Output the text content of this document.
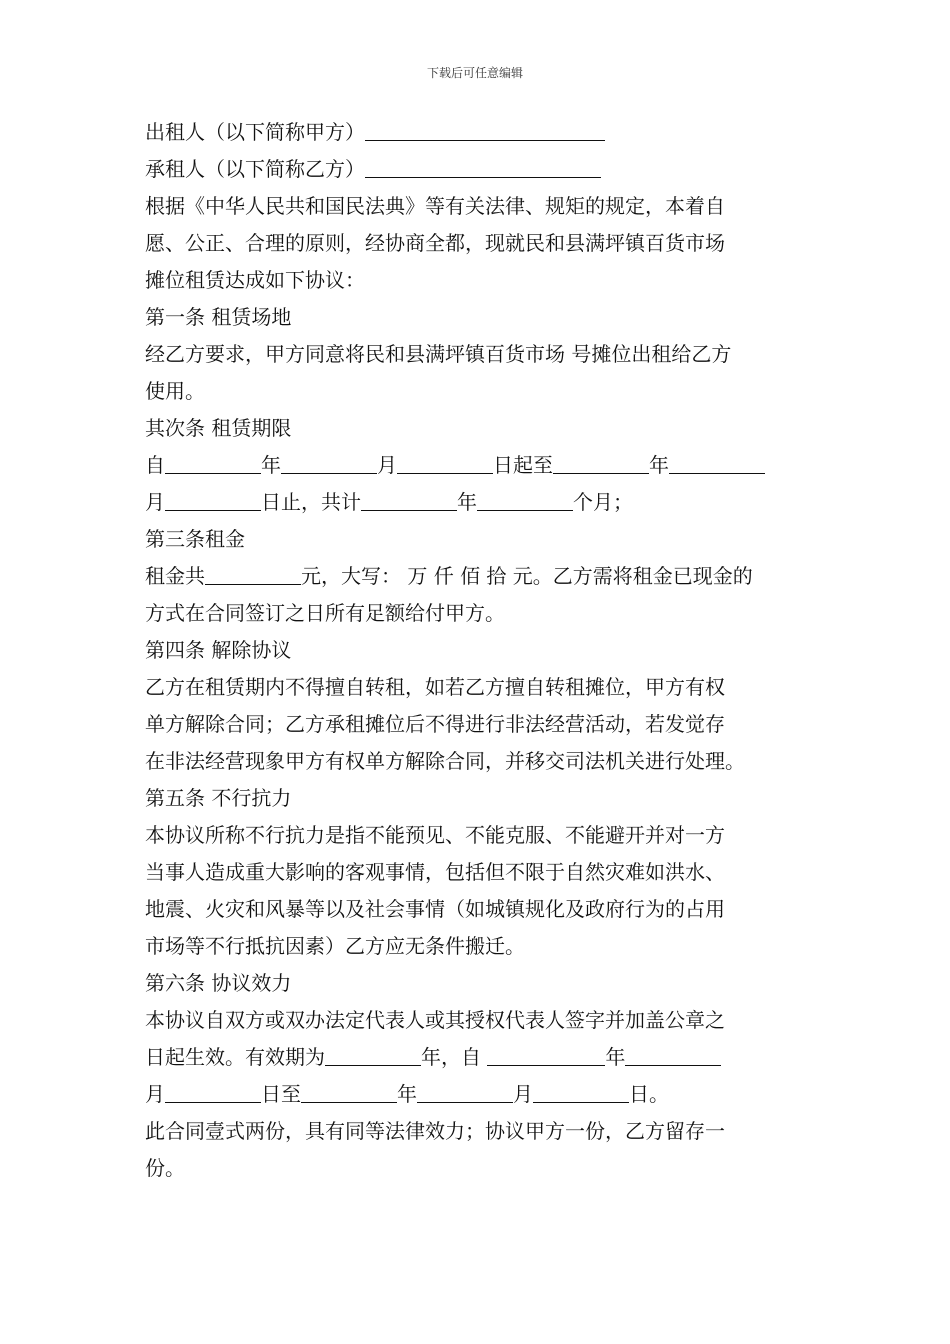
下载后可任意编辑
出租人（以下简称甲方）
承租人（以下简称乙方）
根据《中华人民共和国民法典》等有关法律、规矩的规定，本着自
愿、公正、合理的原则，经协商全都，现就民和县满坪镇百货市场
摊位租赁达成如下协议：
第一条 租赁场地
经乙方要求，甲方同意将民和县满坪镇百货市场 号摊位出租给乙方
使用。
其次条 租赁期限
自	年	月	日起至	年
月	日止，共计	年	个月；
第三条租金
租金共	元，大写： 万 仟 佰 拾 元。乙方需将租金已现金的
方式在合同签订之日所有足额给付甲方。
第四条 解除协议
乙方在租赁期内不得擅自转租，如若乙方擅自转租摊位，甲方有权
单方解除合同；乙方承租摊位后不得进行非法经营活动，若发觉存
在非法经营现象甲方有权单方解除合同，并移交司法机关进行处理。
第五条 不行抗力
本协议所称不行抗力是指不能预见、不能克服、不能避开并对一方
当事人造成重大影响的客观事情，包括但不限于自然灾难如洪水、
地震、火灾和风暴等以及社会事情（如城镇规化及政府行为的占用
市场等不行抵抗因素）乙方应无条件搬迁。
第六条 协议效力
本协议自双方或双办法定代表人或其授权代表人签字并加盖公章之
日起生效。有效期为	年，自	年
月	日至	年	月	日。
此合同壹式两份，具有同等法律效力；协议甲方一份，乙方留存一
份。
